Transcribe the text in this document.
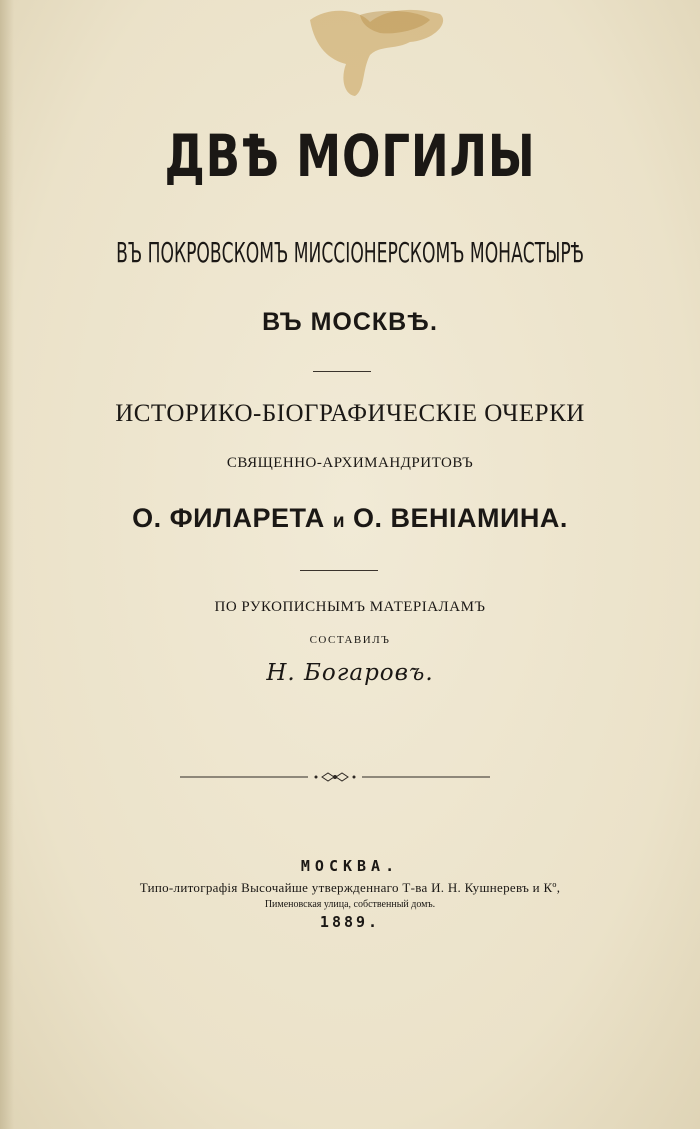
ДВѢ МОГИЛЫ
ВЪ ПОКРОВСКОМЪ МИССІОНЕРСКОМЪ МОНАСТЫРѢ
ВЪ МОСКВѢ.
ИСТОРИКО-БІОГРАФИЧЕСКІЕ ОЧЕРКИ
СВЯЩЕННО-АРХИМАНДРИТОВЪ
О. ФИЛАРЕТА и О. ВЕНІАМИНА.
ПО РУКОПИСНЫМЪ МАТЕРІАЛАМЪ
СОСТАВИЛЪ
Н. Богаровъ.
МОСКВА.
Типо-литографія Высочайше утвержденнаго Т-ва И. Н. Кушнеревъ и Кº,
Пименовская улица, собственный домъ.
1889.
